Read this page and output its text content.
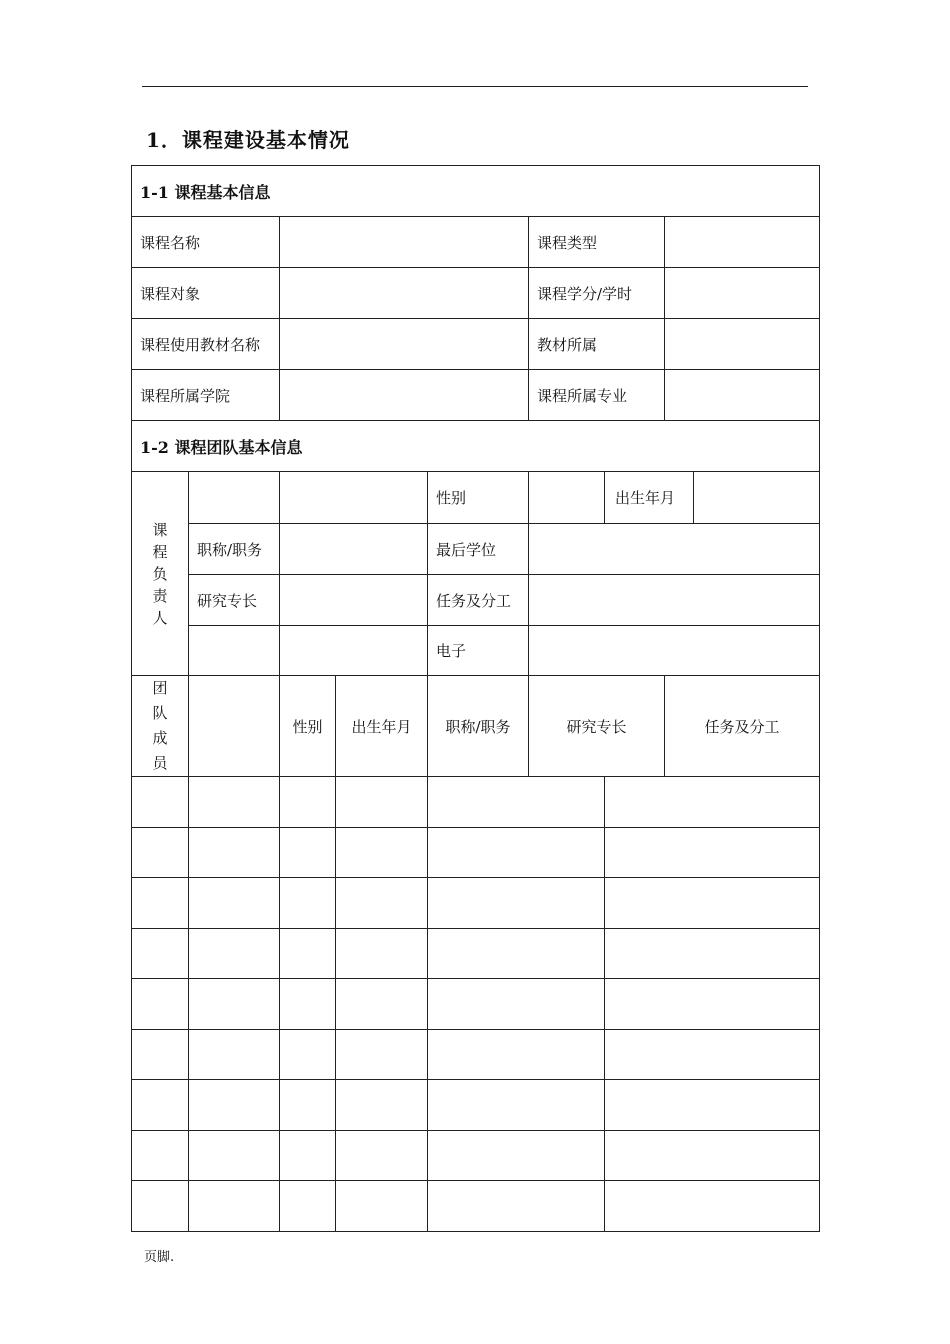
1．课程建设基本情况
1-1 课程基本信息							
课程名称					课程类型		
课程对象					课程学分/学时		
课程使用教材名称					教材所属		
课程所属学院					课程所属专业		
1-2 课程团队基本信息							
课程负责人				性别		出生年月	

	职称/职务			最后学位			
	研究专长			任务及分工			
				电子			
团队成员		性别	出生年月	职称/职务	研究专长		任务及分工

页脚.
